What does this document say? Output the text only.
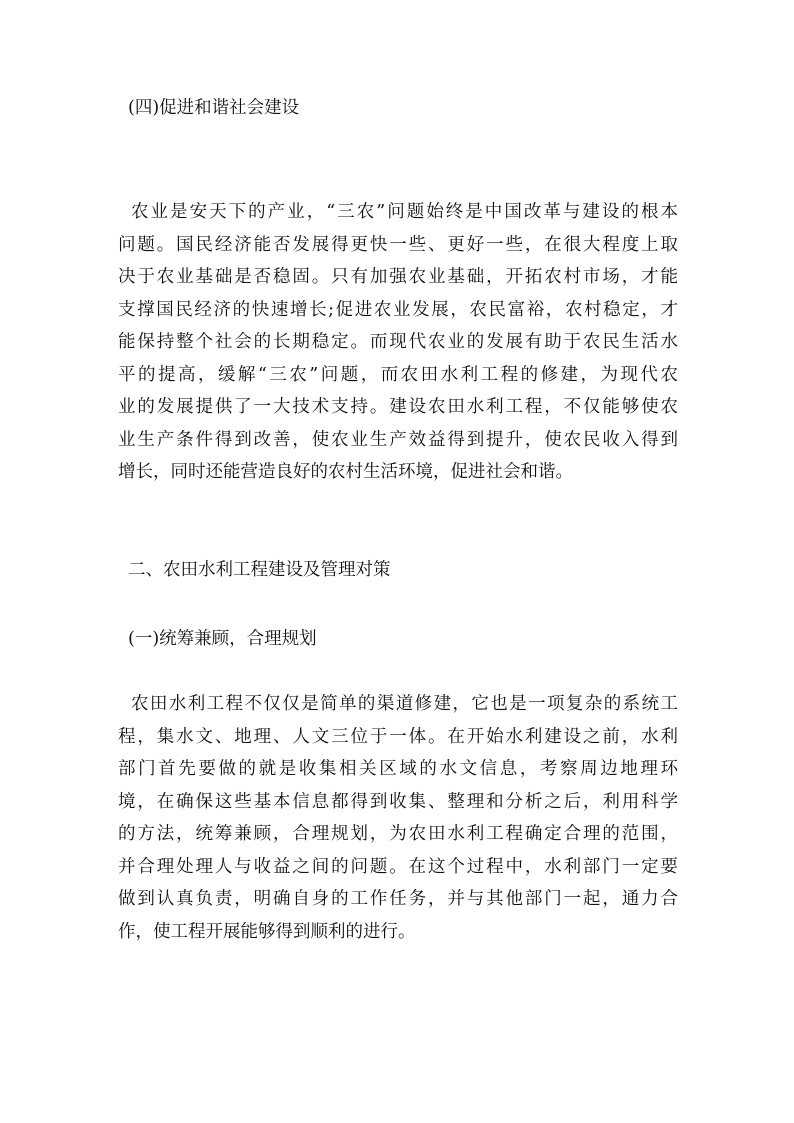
(四)促进和谐社会建设
农业是安天下的产业，“三农”问题始终是中国改革与建设的根本
问题。国民经济能否发展得更快一些、更好一些，在很大程度上取
决于农业基础是否稳固。只有加强农业基础，开拓农村市场，才能
支撑国民经济的快速增长;促进农业发展，农民富裕，农村稳定，才
能保持整个社会的长期稳定。而现代农业的发展有助于农民生活水
平的提高，缓解“三农”问题，而农田水利工程的修建，为现代农
业的发展提供了一大技术支持。建设农田水利工程，不仅能够使农
业生产条件得到改善，使农业生产效益得到提升，使农民收入得到
增长，同时还能营造良好的农村生活环境，促进社会和谐。
二、农田水利工程建设及管理对策
(一)统筹兼顾，合理规划
农田水利工程不仅仅是简单的渠道修建，它也是一项复杂的系统工
程，集水文、地理、人文三位于一体。在开始水利建设之前，水利
部门首先要做的就是收集相关区域的水文信息，考察周边地理环
境，在确保这些基本信息都得到收集、整理和分析之后，利用科学
的方法，统筹兼顾，合理规划，为农田水利工程确定合理的范围，
并合理处理人与收益之间的问题。在这个过程中，水利部门一定要
做到认真负责，明确自身的工作任务，并与其他部门一起，通力合
作，使工程开展能够得到顺利的进行。
